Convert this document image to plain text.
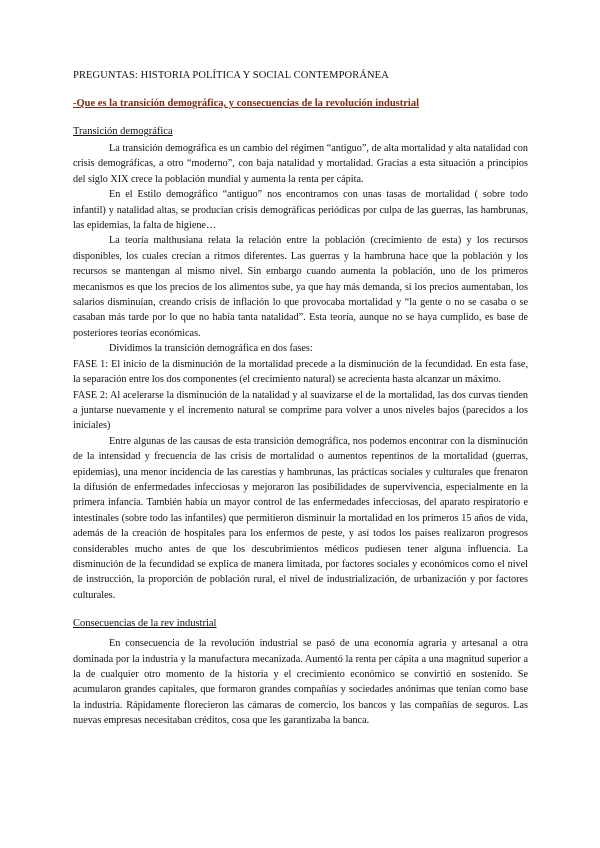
PREGUNTAS: HISTORIA POLÍTICA Y SOCIAL CONTEMPORÁNEA
-Que es la transición demográfica, y consecuencias de la revolución industrial
Transición demográfica

La transición demográfica es un cambio del régimen “antiguo”, de alta mortalidad y alta natalidad con crisis demográficas, a otro “moderno”, con baja natalidad y mortalidad. Gracias a esta situación a principios del siglo XIX crece la población mundial y aumenta la renta per cápita.

En el Estilo demográfico “antiguo” nos encontramos con unas tasas de mortalidad ( sobre todo infantil) y natalidad altas, se producían crisis demográficas periódicas por culpa de las guerras, las hambrunas, las epidemias, la falta de higiene…

La teoría malthusiana relata la relación entre la población (crecimiento de esta) y los recursos disponibles, los cuales crecían a ritmos diferentes. Las guerras y la hambruna hace que la población y los recursos se mantengan al mismo nivel. Sin embargo cuando aumenta la población, uno de los primeros mecanismos es que los precios de los alimentos sube, ya que hay más demanda, si los precios aumentaban, los salarios disminuían, creando crisis de inflación lo que provocaba mortalidad y “la gente o no se casaba o se casaban más tarde por lo que no había tanta natalidad”. Esta teoría, aunque no se haya cumplido, es base de posteriores teorías económicas.

Dividimos la transición demográfica en dos fases:

FASE 1: El inicio de la disminución de la mortalidad precede a la disminución de la fecundidad. En esta fase, la separación entre los dos componentes (el crecimiento natural) se acrecienta hasta alcanzar un máximo.

FASE 2: Al acelerarse la disminución de la natalidad y al suavizarse el de la mortalidad, las dos curvas tienden a juntarse nuevamente y el incremento natural se comprime para volver a unos niveles bajos (parecidos a los iniciales)

Entre algunas de las causas de esta transición demográfica, nos podemos encontrar con la disminución de la intensidad y frecuencia de las crisis de mortalidad o aumentos repentinos de la mortalidad (guerras, epidemias), una menor incidencia de las carestías y hambrunas, las prácticas sociales y culturales que frenaron la difusión de enfermedades infecciosas y mejoraron las posibilidades de supervivencia, especialmente en la primera infancia. También había un mayor control de las enfermedades infecciosas, del aparato respiratorio e intestinales (sobre todo las infantiles) que permitieron disminuir la mortalidad en los primeros 15 años de vida, además de la creación de hospitales para los enfermos de peste, y así todos los países realizaron progresos considerables mucho antes de que los descubrimientos médicos pudiesen tener alguna influencia. La disminución de la fecundidad se explica de manera limitada, por factores sociales y económicos como el nivel de instrucción, la proporción de población rural, el nivel de industrialización, de urbanización y por factores culturales.

Consecuencias de la rev industrial

En consecuencia de la revolución industrial se pasó de una economía agraria y artesanal a otra dominada por la industria y la manufactura mecanizada. Aumentó la renta per cápita a una magnitud superior a la de cualquier otro momento de la historia y el crecimiento económico se convirtió en sostenido. Se acumularon grandes capitales, que formaron grandes compañías y sociedades anónimas que tenían como base la industria. Rápidamente florecieron las cámaras de comercio, los bancos y las compañías de seguros. Las nuevas empresas necesitaban créditos, cosa que les garantizaba la banca.
